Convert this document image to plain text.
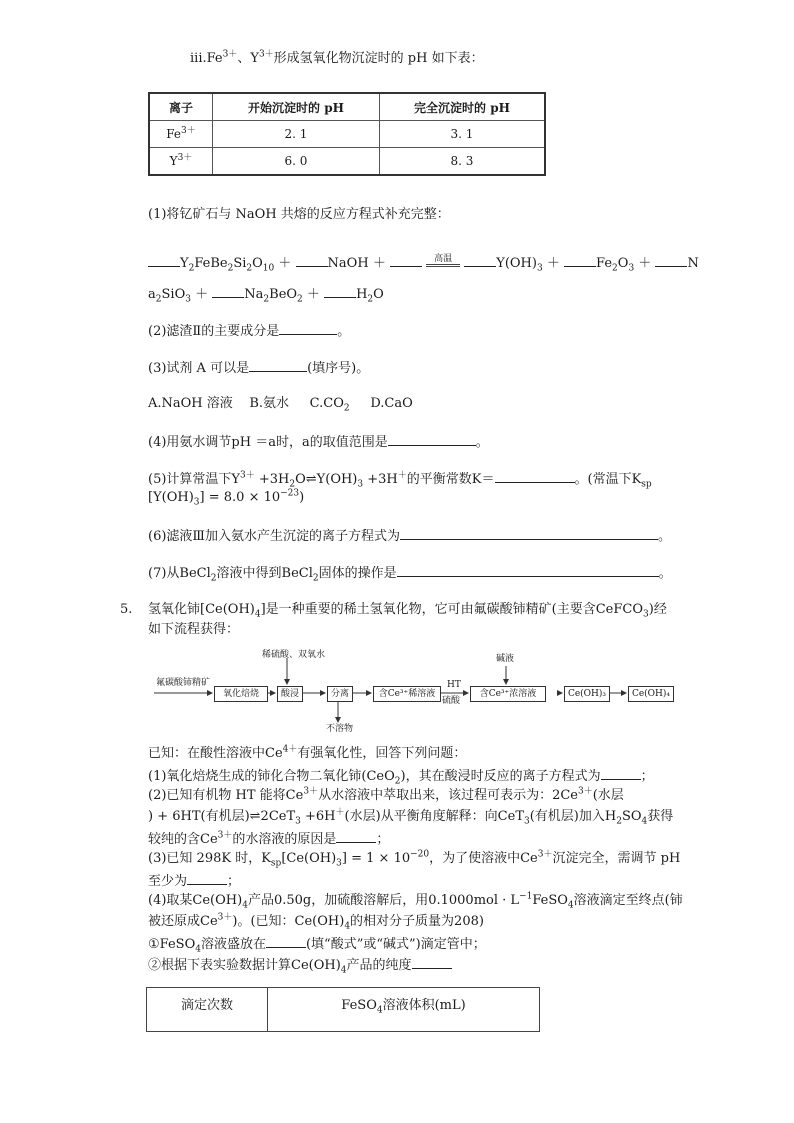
$iii.Fe^{3+}$、$Y^{3+}$形成氢氧化物沉淀时的 pH 如下表：
离子	开始沉淀时的 pH	完全沉淀时的 pH
$Fe^{3+}$	2. 1	3. 1
$Y^{3+}$	6. 0	8. 3
(1)将钇矿石与 NaOH 共熔的反应方程式补充完整：
$Y_2FeBe_2Si_2O_{10}$ ＋	NaOH ＋	高温	$Y(OH)_3$ ＋	$Fe_2O_3$ ＋	N
$a_2SiO_3$ ＋	$Na_2BeO_2$ ＋	$H_2O$
(2)滤渣Ⅱ的主要成分是	。
(3)试剂 A 可以是	(填序号)。
A.NaOH 溶液 B.氨水 $C.CO_2$ D.CaO
(4)用氨水调节pH ＝a时，a的取值范围是	。
(5)计算常温下$Y^{3+}$ $+3H_2O\rightleftharpoons Y(OH)_3 +3H^+$的平衡常数K＝	。(常温下$K_{sp}$
$[Y(OH)_3] = 8.0 \times 10^{-23}$)
(6)滤液Ⅲ加入氨水产生沉淀的离子方程式为	。
(7)从BeCl$_2$溶液中得到BeCl$_2$固体的操作是	。
5. 氢氧化铈$[Ce(OH)_4]$是一种重要的稀土氢氧化物，它可由氟碳酸铈精矿(主要含CeFCO$_3$)经
如下流程获得：
氟碳酸铈精矿
氧化焙烧
稀硫酸、双氧水
酸浸	分离
不溶物
含Ce³⁺稀溶液
HT
硫酸
含Ce³⁺浓溶液
碱液
Ce(OH)₃	Ce(OH)₄
已知：在酸性溶液中$Ce^{4+}$有强氧化性，回答下列问题：
(1)氧化焙烧生成的铈化合物二氧化铈(CeO$_2$)，其在酸浸时反应的离子方程式为	；
(2)已知有机物 HT 能将$Ce^{3+}$从水溶液中萃取出来，该过程可表示为：$2Ce^{3+}$(水层
) + 6HT(有机层)⇌2CeT$_3$ +6H＋(水层)从平衡角度解释：向CeT$_3$(有机层)加入$H_2SO_4$获得
较纯的含$Ce^{3+}$的水溶液的原因是	；
(3)已知 298K 时，$K_{sp}[Ce(OH)_3] = 1 \times 10^{-20}$，为了使溶液中$Ce^{3+}$沉淀完全，需调节 pH
至少为	；
(4)取某$Ce(OH)_4$产品0.50g，加硫酸溶解后，用$0.1000mol \cdot L^{-1}FeSO_4$溶液滴定至终点(铈
被还原成$Ce^{3+}$)。(已知：$Ce(OH)_4$的相对分子质量为208)
①FeSO$_4$溶液盛放在	(填“酸式”或“碱式”)滴定管中；
②根据下表实验数据计算$Ce(OH)_4$产品的纯度
滴定次数	FeSO$_4$溶液体积(mL)
